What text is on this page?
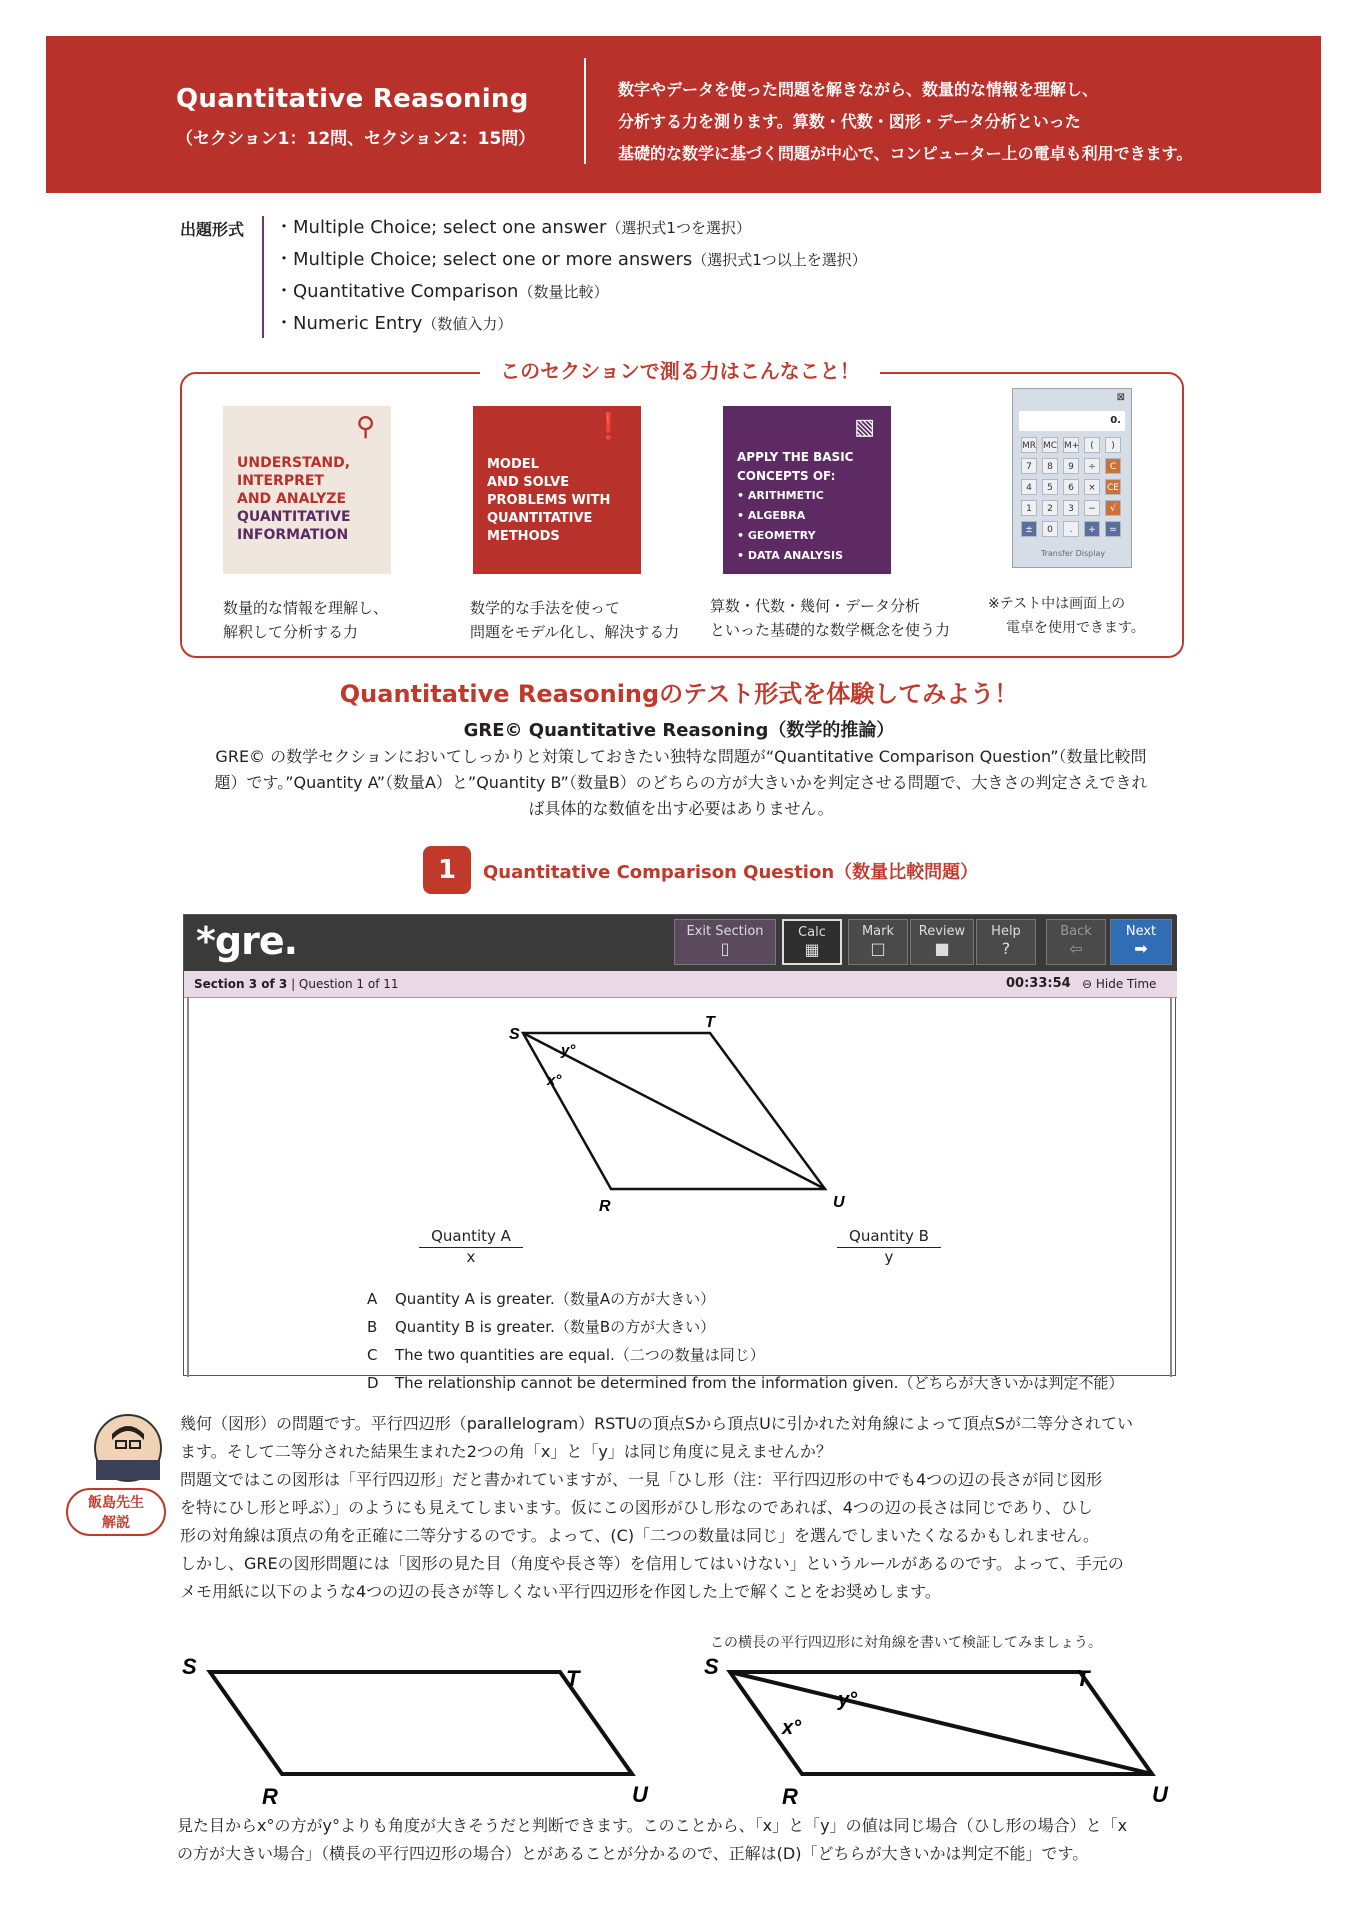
Quantitative Reasoning
（セクション1：12問、セクション2：15問）
数字やデータを使った問題を解きながら、数量的な情報を理解し、
分析する力を測ります。算数・代数・図形・データ分析といった
基礎的な数学に基づく問題が中心で、コンピューター上の電卓も利用できます。
出題形式 ・Multiple Choice; select one answer（選択式1つを選択）
・Multiple Choice; select one or more answers（選択式1つ以上を選択）
・Quantitative Comparison（数量比較）
・Numeric Entry（数値入力）
このセクションで測る力はこんなこと！
⚲
UNDERSTAND,
INTERPRET
AND ANALYZE
QUANTITATIVE
INFORMATION
❗
MODEL
AND SOLVE
PROBLEMS WITH
QUANTITATIVE
METHODS
▧
APPLY THE BASIC
CONCEPTS OF:
• ARITHMETIC
• ALGEBRA
• GEOMETRY
• DATA ANALYSIS
⊠
0.
Transfer Display
MR MC M+	(	)
7	8	9	÷	C
4	5	6	×	CE
1	2	3	−	√
±	0	.	+	=
数量的な情報を理解し、
解釈して分析する力
数学的な手法を使って
問題をモデル化し、解決する力
算数・代数・幾何・データ分析
といった基礎的な数学概念を使う力
※テスト中は画面上の
電卓を使用できます。
Quantitative Reasoningのテスト形式を体験してみよう！
GRE© Quantitative Reasoning（数学的推論）
GRE© の数学セクションにおいてしっかりと対策しておきたい独特な問題が“Quantitative Comparison Question”（数量比較問
題）です。”Quantity A”（数量A）と”Quantity B”（数量B）のどちらの方が大きいかを判定させる問題で、大きさの判定さえできれ
ば具体的な数値を出す必要はありません。
1	Quantitative Comparison Question（数量比較問題）
*gre.	Exit Section
▯
Calc
▦
Mark
□
Review
■
Help
?
Back
⇦
Next
➡
Section 3 of 3 | Question 1 of 11	00:33:54 ⊖ Hide Time
S
T
R	U
y°
x°
Quantity A
x
Quantity B
y
A Quantity A is greater.（数量Aの方が大きい）
B Quantity B is greater.（数量Bの方が大きい）
C The two quantities are equal.（二つの数量は同じ）
D The relationship cannot be determined from the information given.（どちらが大きいかは判定不能）
飯島先生
解説
幾何（図形）の問題です。平行四辺形（parallelogram）RSTUの頂点Sから頂点Uに引かれた対角線によって頂点Sが二等分されてい
ます。そして二等分された結果生まれた2つの角「x」と「y」は同じ角度に見えませんか？
問題文ではこの図形は「平行四辺形」だと書かれていますが、一見「ひし形（注：平行四辺形の中でも4つの辺の長さが同じ図形
を特にひし形と呼ぶ）」のようにも見えてしまいます。仮にこの図形がひし形なのであれば、4つの辺の長さは同じであり、ひし
形の対角線は頂点の角を正確に二等分するのです。よって、(C)「二つの数量は同じ」を選んでしまいたくなるかもしれません。
しかし、GREの図形問題には「図形の見た目（角度や長さ等）を信用してはいけない」というルールがあるのです。よって、手元の
メモ用紙に以下のような4つの辺の長さが等しくない平行四辺形を作図した上で解くことをお奨めします。
この横長の平行四辺形に対角線を書いて検証してみましょう。
S	T
R	U
S	T
R	U
y°
x°
見た目からx°の方がy°よりも角度が大きそうだと判断できます。このことから、「x」と「y」の値は同じ場合（ひし形の場合）と「x
の方が大きい場合」（横長の平行四辺形の場合）とがあることが分かるので、正解は(D)「どちらが大きいかは判定不能」です。
